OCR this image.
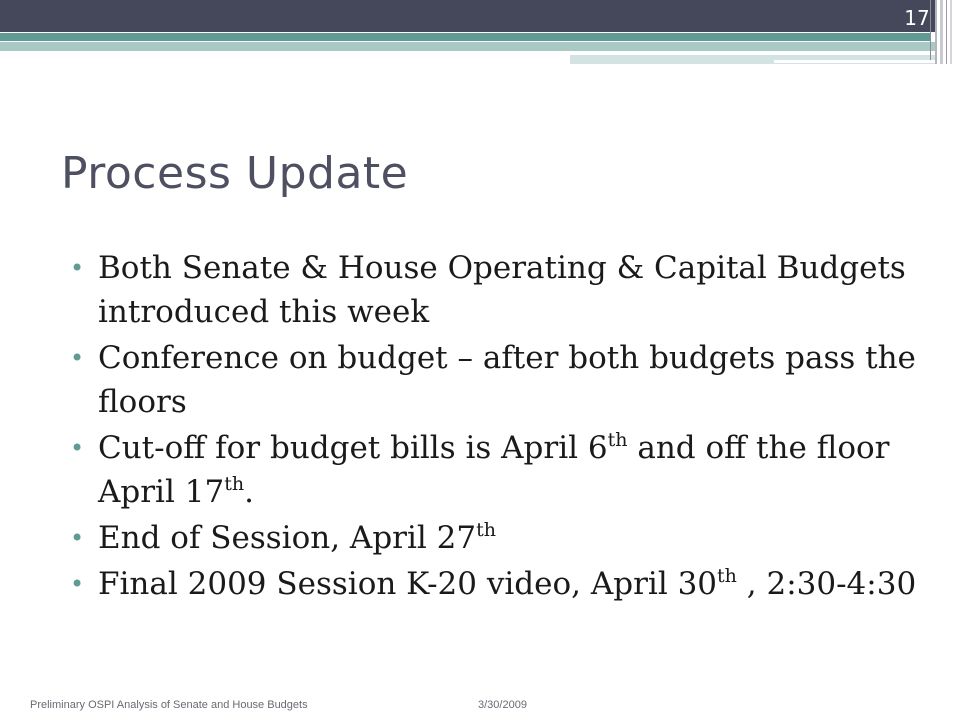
17
Process Update
• Both Senate & House Operating & Capital Budgets introduced this week
• Conference on budget – after both budgets pass the floors
• Cut-off for budget bills is April 6th and off the floor April 17th.
• End of Session, April 27th
• Final 2009 Session K-20 video, April 30th , 2:30-4:30
Preliminary OSPI Analysis of Senate and House Budgets	3/30/2009
